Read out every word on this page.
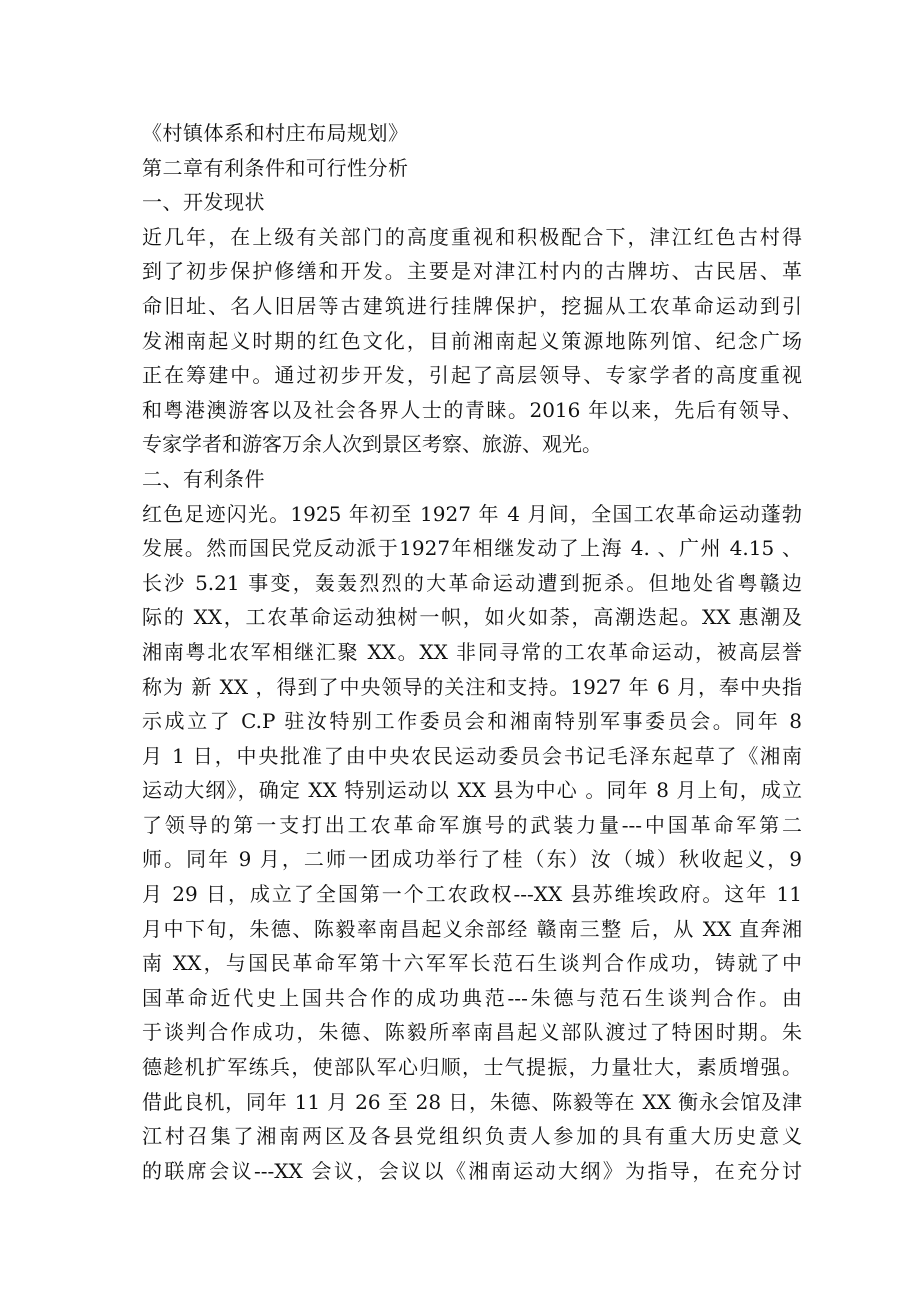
《村镇体系和村庄布局规划》
第二章有利条件和可行性分析
一、开发现状
近几年，在上级有关部门的高度重视和积极配合下，津江红色古村得
到了初步保护修缮和开发。主要是对津江村内的古牌坊、古民居、革
命旧址、名人旧居等古建筑进行挂牌保护，挖掘从工农革命运动到引
发湘南起义时期的红色文化，目前湘南起义策源地陈列馆、纪念广场
正在筹建中。通过初步开发，引起了高层领导、专家学者的高度重视
和粤港澳游客以及社会各界人士的青睐。2016 年以来，先后有领导、
专家学者和游客万余人次到景区考察、旅游、观光。
二、有利条件
红色足迹闪光。1925 年初至 1927 年 4 月间，全国工农革命运动蓬勃
发展。然而国民党反动派于1927年相继发动了上海 4. 、广州 4.15 、
长沙 5.21 事变，轰轰烈烈的大革命运动遭到扼杀。但地处省粤赣边
际的 XX，工农革命运动独树一帜，如火如荼，高潮迭起。XX 惠潮及
湘南粤北农军相继汇聚 XX。XX 非同寻常的工农革命运动，被高层誉
称为 新 XX ，得到了中央领导的关注和支持。1927 年 6 月，奉中央指
示成立了 C.P 驻汝特别工作委员会和湘南特别军事委员会。同年 8
月 1 日，中央批准了由中央农民运动委员会书记毛泽东起草了《湘南
运动大纲》，确定 XX 特别运动以 XX 县为中心 。同年 8 月上旬，成立
了领导的第一支打出工农革命军旗号的武装力量---中国革命军第二
师。同年 9 月，二师一团成功举行了桂（东）汝（城）秋收起义，9
月 29 日，成立了全国第一个工农政权---XX 县苏维埃政府。这年 11
月中下旬，朱德、陈毅率南昌起义余部经 赣南三整 后，从 XX 直奔湘
南 XX，与国民革命军第十六军军长范石生谈判合作成功，铸就了中
国革命近代史上国共合作的成功典范---朱德与范石生谈判合作。由
于谈判合作成功，朱德、陈毅所率南昌起义部队渡过了特困时期。朱
德趁机扩军练兵，使部队军心归顺，士气提振，力量壮大，素质增强。
借此良机，同年 11 月 26 至 28 日，朱德、陈毅等在 XX 衡永会馆及津
江村召集了湘南两区及各县党组织负责人参加的具有重大历史意义
的联席会议---XX 会议，会议以《湘南运动大纲》为指导，在充分讨
